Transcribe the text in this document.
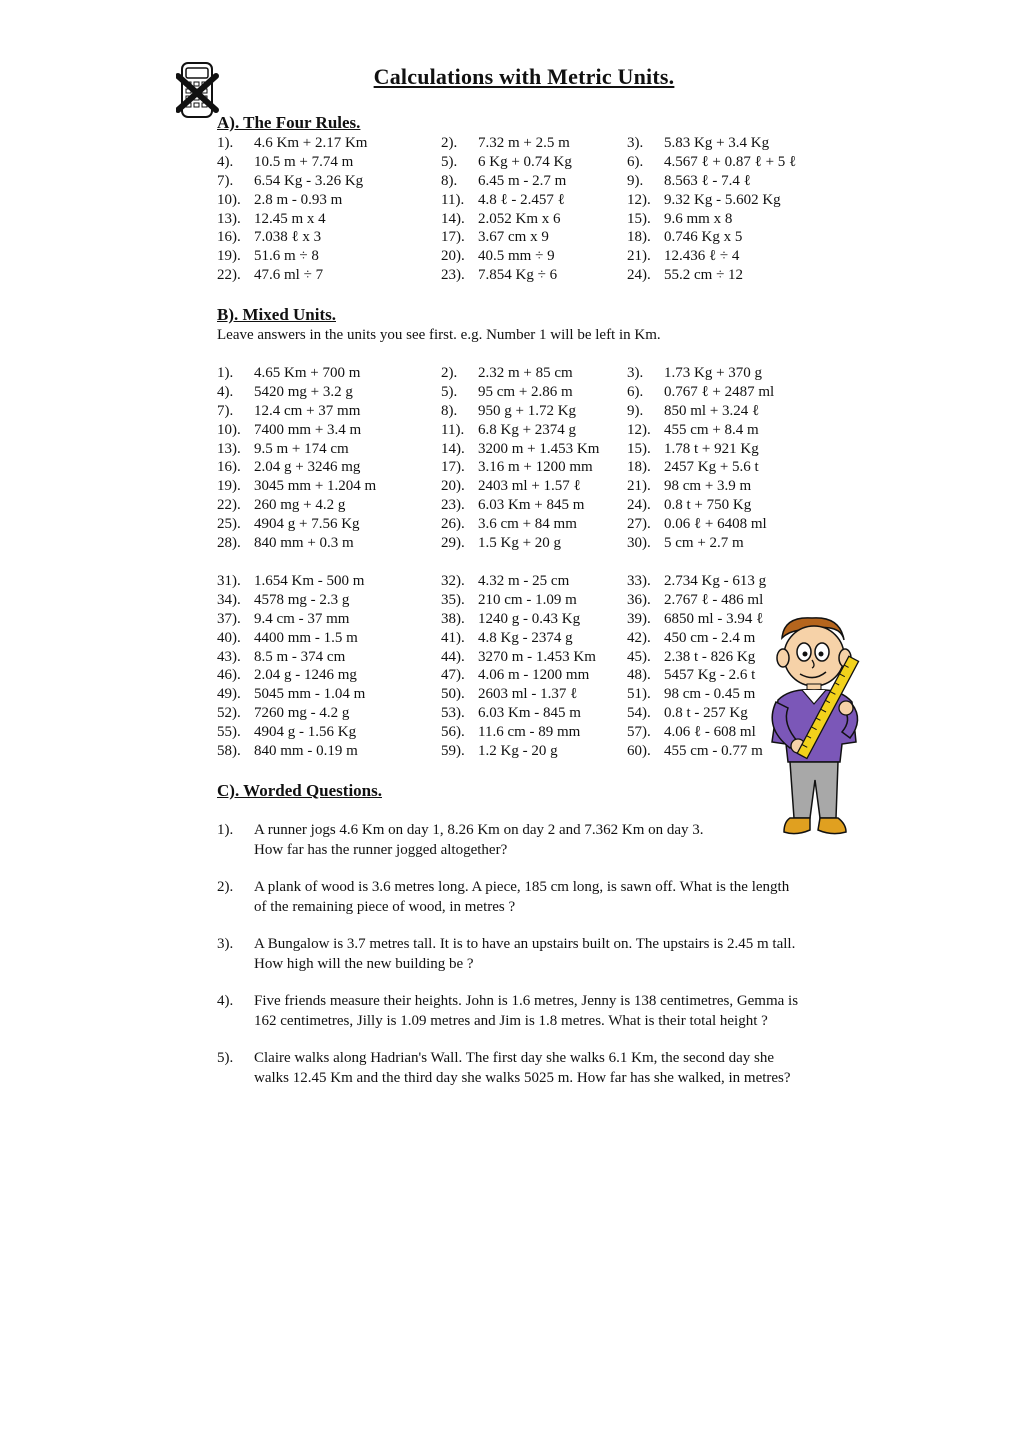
Calculations with Metric Units.
A). The Four Rules.
1). 4.6 Km + 2.17 Km	2). 7.32 m + 2.5 m	3). 5.83 Kg + 3.4 Kg
4). 10.5 m + 7.74 m	5). 6 Kg + 0.74 Kg	6). 4.567 ℓ + 0.87 ℓ + 5 ℓ
7). 6.54 Kg - 3.26 Kg	8). 6.45 m - 2.7 m	9). 8.563 ℓ - 7.4 ℓ
10). 2.8 m - 0.93 m	11). 4.8 ℓ - 2.457 ℓ	12). 9.32 Kg - 5.602 Kg
13). 12.45 m x 4	14). 2.052 Km x 6	15). 9.6 mm x 8
16). 7.038 ℓ x 3	17). 3.67 cm x 9	18). 0.746 Kg x 5
19). 51.6 m ÷ 8	20). 40.5 mm ÷ 9	21). 12.436 ℓ ÷ 4
22). 47.6 ml ÷ 7	23). 7.854 Kg ÷ 6	24). 55.2 cm ÷ 12
B). Mixed Units.
Leave answers in the units you see first. e.g. Number 1 will be left in Km.
1). 4.65 Km + 700 m	2). 2.32 m + 85 cm	3). 1.73 Kg + 370 g
4). 5420 mg + 3.2 g	5). 95 cm + 2.86 m	6). 0.767 ℓ + 2487 ml
7). 12.4 cm + 37 mm	8). 950 g + 1.72 Kg	9). 850 ml + 3.24 ℓ
10). 7400 mm + 3.4 m	11). 6.8 Kg + 2374 g	12). 455 cm + 8.4 m
13). 9.5 m + 174 cm	14). 3200 m + 1.453 Km 15). 1.78 t + 921 Kg
16). 2.04 g + 3246 mg	17). 3.16 m + 1200 mm 18). 2457 Kg + 5.6 t
19). 3045 mm + 1.204 m	20). 2403 ml + 1.57 ℓ	21). 98 cm + 3.9 m
22). 260 mg + 4.2 g	23). 6.03 Km + 845 m	24). 0.8 t + 750 Kg
25). 4904 g + 7.56 Kg	26). 3.6 cm + 84 mm	27). 0.06 ℓ + 6408 ml
28). 840 mm + 0.3 m	29). 1.5 Kg + 20 g	30). 5 cm + 2.7 m
31). 1.654 Km - 500 m	32). 4.32 m - 25 cm	33). 2.734 Kg - 613 g
34). 4578 mg - 2.3 g	35). 210 cm - 1.09 m	36). 2.767 ℓ - 486 ml
37). 9.4 cm - 37 mm	38). 1240 g - 0.43 Kg	39). 6850 ml - 3.94 ℓ
40). 4400 mm - 1.5 m	41). 4.8 Kg - 2374 g	42). 450 cm - 2.4 m
43). 8.5 m - 374 cm	44). 3270 m - 1.453 Km 45). 2.38 t - 826 Kg
46). 2.04 g - 1246 mg	47). 4.06 m - 1200 mm	48). 5457 Kg - 2.6 t
49). 5045 mm - 1.04 m	50). 2603 ml - 1.37 ℓ	51). 98 cm - 0.45 m
52). 7260 mg - 4.2 g	53). 6.03 Km - 845 m	54). 0.8 t - 257 Kg
55). 4904 g - 1.56 Kg	56). 11.6 cm - 89 mm	57). 4.06 ℓ - 608 ml
58). 840 mm - 0.19 m	59). 1.2 Kg - 20 g	60). 455 cm - 0.77 m
C). Worded Questions.
1). A runner jogs 4.6 Km on day 1, 8.26 Km on day 2 and 7.362 Km on day 3.
How far has the runner jogged altogether?
2). A plank of wood is 3.6 metres long. A piece, 185 cm long, is sawn off. What is the length
of the remaining piece of wood, in metres ?
3). A Bungalow is 3.7 metres tall. It is to have an upstairs built on. The upstairs is 2.45 m tall.
How high will the new building be ?
4). Five friends measure their heights. John is 1.6 metres, Jenny is 138 centimetres, Gemma is
162 centimetres, Jilly is 1.09 metres and Jim is 1.8 metres. What is their total height ?
5). Claire walks along Hadrian's Wall. The first day she walks 6.1 Km, the second day she
walks 12.45 Km and the third day she walks 5025 m. How far has she walked, in metres?
